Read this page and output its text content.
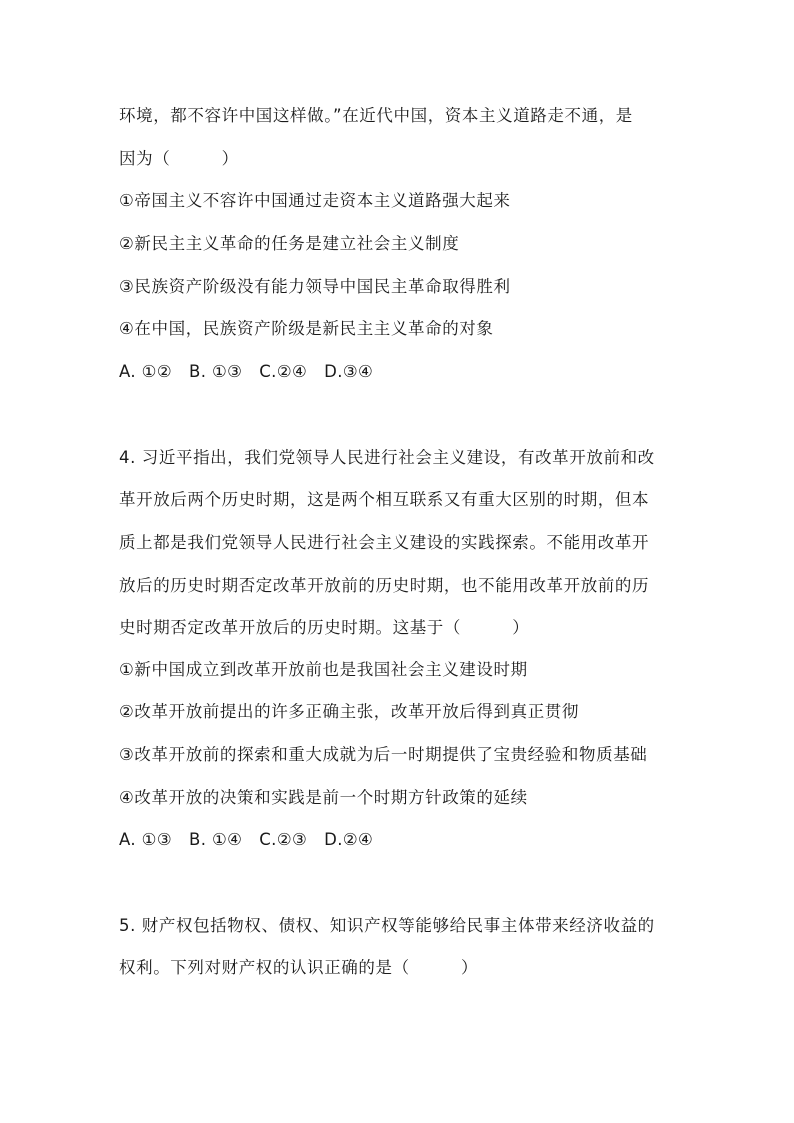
环境，都不容许中国这样做。”在近代中国，资本主义道路走不通，是
因为（　　　）
①帝国主义不容许中国通过走资本主义道路强大起来
②新民主主义革命的任务是建立社会主义制度
③民族资产阶级没有能力领导中国民主革命取得胜利
④在中国，民族资产阶级是新民主主义革命的对象
A. ①②　B. ①③　C.②④　D.③④
4. 习近平指出，我们党领导人民进行社会主义建设，有改革开放前和改
革开放后两个历史时期，这是两个相互联系又有重大区别的时期，但本
质上都是我们党领导人民进行社会主义建设的实践探索。不能用改革开
放后的历史时期否定改革开放前的历史时期，也不能用改革开放前的历
史时期否定改革开放后的历史时期。这基于（　　　）
①新中国成立到改革开放前也是我国社会主义建设时期
②改革开放前提出的许多正确主张，改革开放后得到真正贯彻
③改革开放前的探索和重大成就为后一时期提供了宝贵经验和物质基础
④改革开放的决策和实践是前一个时期方针政策的延续
A. ①③　B. ①④　C.②③　D.②④
5. 财产权包括物权、债权、知识产权等能够给民事主体带来经济收益的
权利。下列对财产权的认识正确的是（　　　）
